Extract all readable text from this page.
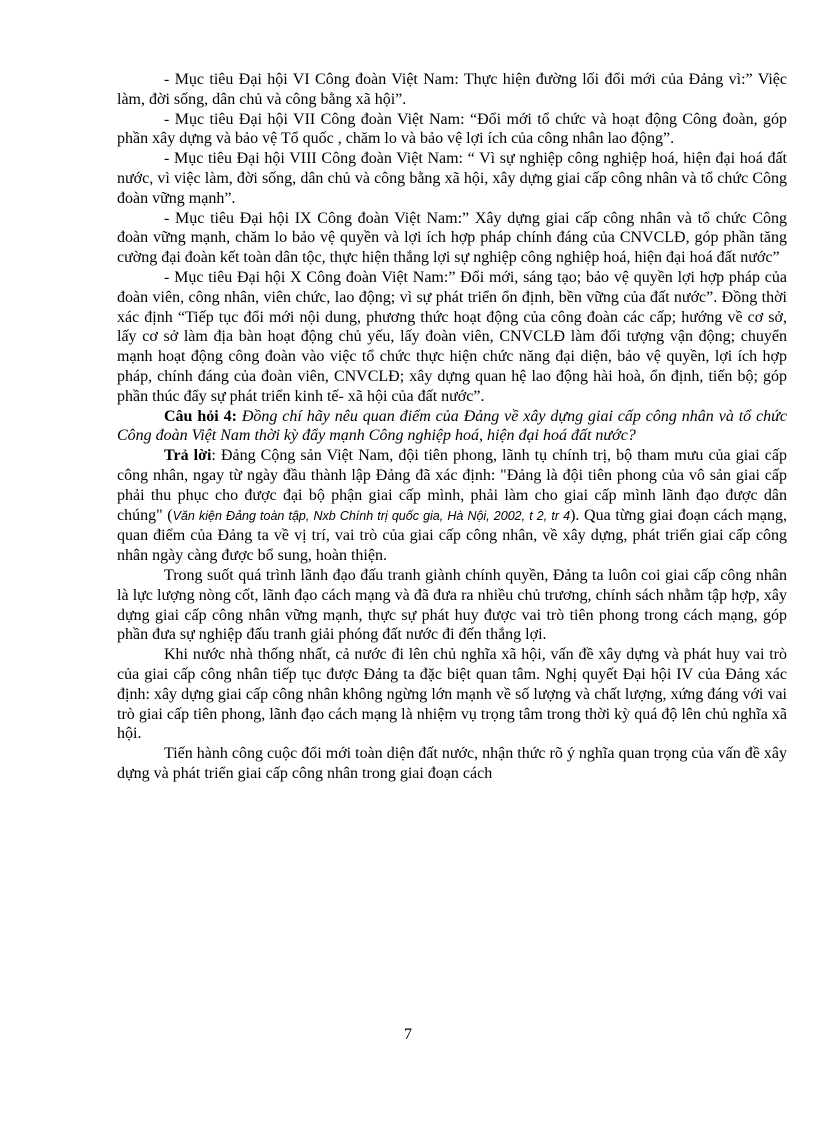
- Mục tiêu Đại hội VI Công đoàn Việt Nam: Thực hiện đường lối đổi mới của Đảng vì:” Việc làm, đời sống, dân chủ và công bằng xã hội”.

- Mục tiêu Đại hội VII Công đoàn Việt Nam: “Đổi mới tổ chức và hoạt động Công đoàn, góp phần xây dựng và bảo vệ Tổ quốc , chăm lo và bảo vệ lợi ích của công nhân lao động”.

- Mục tiêu Đại hội VIII Công đoàn Việt Nam: “ Vì sự nghiệp công nghiệp hoá, hiện đại hoá đất nước, vì việc làm, đời sống, dân chủ và công bằng xã hội, xây dựng giai cấp công nhân và tổ chức Công đoàn vững mạnh”.

- Mục tiêu Đại hội IX Công đoàn Việt Nam:” Xây dựng giai cấp công nhân và tổ chức Công đoàn vững mạnh, chăm lo bảo vệ quyền và lợi ích hợp pháp chính đáng của CNVCLĐ, góp phần tăng cường đại đoàn kết toàn dân tộc, thực hiện thắng lợi sự nghiệp công nghiệp hoá, hiện đại hoá đất nước”

- Mục tiêu Đại hội X Công đoàn Việt Nam:” Đổi mới, sáng tạo; bảo vệ quyền lợi hợp pháp của đoàn viên, công nhân, viên chức, lao động; vì sự phát triển ổn định, bền vững của đất nước”. Đồng thời xác định “Tiếp tục đổi mới nội dung, phương thức hoạt động của công đoàn các cấp; hướng về cơ sở, lấy cơ sở làm địa bàn hoạt động chủ yếu, lấy đoàn viên, CNVCLĐ làm đối tượng vận động; chuyển mạnh hoạt động công đoàn vào việc tổ chức thực hiện chức năng đại diện, bảo vệ quyền, lợi ích hợp pháp, chính đáng của đoàn viên, CNVCLĐ; xây dựng quan hệ lao động hài hoà, ổn định, tiến bộ; góp phần thúc đẩy sự phát triển kinh tế- xã hội của đất nước”.

Câu hỏi 4: Đồng chí hãy nêu quan điểm của Đảng về xây dựng giai cấp công nhân và tổ chức Công đoàn Việt Nam thời kỳ đẩy mạnh Công nghiệp hoá, hiện đại hoá đất nước?

Trả lời: Đảng Cộng sản Việt Nam, đội tiên phong, lãnh tụ chính trị, bộ tham mưu của giai cấp công nhân, ngay từ ngày đầu thành lập Đảng đã xác định: "Đảng là đội tiên phong của vô sản giai cấp phải thu phục cho được đại bộ phận giai cấp mình, phải làm cho giai cấp mình lãnh đạo được dân chúng" (Văn kiện Đảng toàn tập, Nxb Chính trị quốc gia, Hà Nội, 2002, t 2, tr 4). Qua từng giai đoạn cách mạng, quan điểm của Đảng ta về vị trí, vai trò của giai cấp công nhân, về xây dựng, phát triển giai cấp công nhân ngày càng được bổ sung, hoàn thiện.

Trong suốt quá trình lãnh đạo đấu tranh giành chính quyền, Đảng ta luôn coi giai cấp công nhân là lực lượng nòng cốt, lãnh đạo cách mạng và đã đưa ra nhiều chủ trương, chính sách nhằm tập hợp, xây dựng giai cấp công nhân vững mạnh, thực sự phát huy được vai trò tiên phong trong cách mạng, góp phần đưa sự nghiệp đấu tranh giải phóng đất nước đi đến thắng lợi.

Khi nước nhà thống nhất, cả nước đi lên chủ nghĩa xã hội, vấn đề xây dựng và phát huy vai trò của giai cấp công nhân tiếp tục được Đảng ta đặc biệt quan tâm. Nghị quyết Đại hội IV của Đảng xác định: xây dựng giai cấp công nhân không ngừng lớn mạnh về số lượng và chất lượng, xứng đáng với vai trò giai cấp tiên phong, lãnh đạo cách mạng là nhiệm vụ trọng tâm trong thời kỳ quá độ lên chủ nghĩa xã hội.

Tiến hành công cuộc đổi mới toàn diện đất nước, nhận thức rõ ý nghĩa quan trọng của vấn đề xây dựng và phát triển giai cấp công nhân trong giai đoạn cách

7
